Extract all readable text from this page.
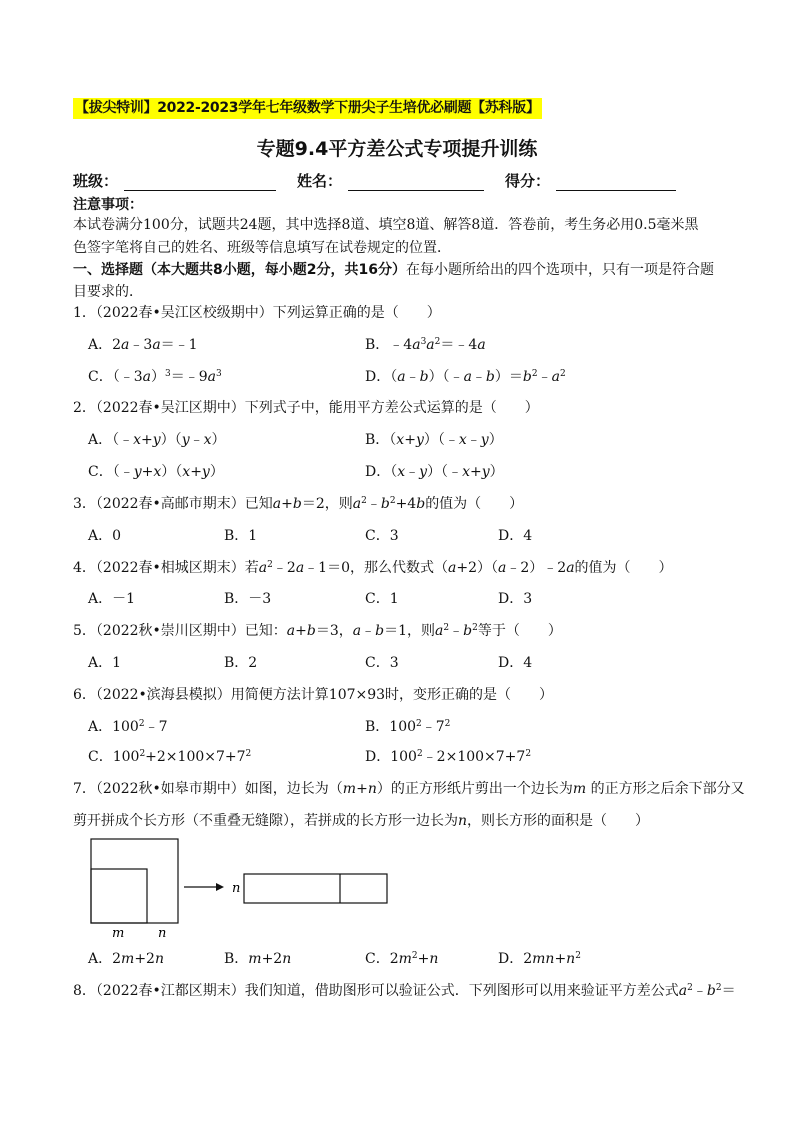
【拔尖特训】2022-2023学年七年级数学下册尖子生培优必刷题【苏科版】
专题9.4平方差公式专项提升训练
班级：	姓名：	得分：
注意事项：
本试卷满分100分，试题共24题，其中选择8道、填空8道、解答8道．答卷前，考生务必用0.5毫米黑
色签字笔将自己的姓名、班级等信息填写在试卷规定的位置．
一、选择题（本大题共8小题，每小题2分，共16分）在每小题所给出的四个选项中，只有一项是符合题
目要求的．
1．（2022春•吴江区校级期中）下列运算正确的是（　　）
A．2a﹣3a＝﹣1	B．$﹣4a^3a^2=﹣4a$
C．$(﹣3a)^3=﹣9a^3$	D．$(a﹣b)(﹣a﹣b)=b^2﹣a^2$
2．（2022春•吴江区期中）下列式子中，能用平方差公式运算的是（　　）
A．（﹣x+y）（y﹣x）	B．（x+y）（﹣x﹣y）
C．（﹣y+x）（x+y）	D．（x﹣y）（﹣x+y）
3．（2022春•高邮市期末）已知a+b＝2，则$a^2﹣b^2+4b$的值为（　　）
A．0	B．1	C．3	D．4
4．（2022春•相城区期末）若$a^2﹣2a﹣1=0$，那么代数式（a+2）（a﹣2）﹣2a的值为（　　）
A．－1	B．－3	C．1	D．3
5．（2022秋•崇川区期中）已知：a+b＝3，a﹣b＝1，则$a^2﹣b^2$等于（　　）
A．1	B．2	C．3	D．4
6．（2022•滨海县模拟）用简便方法计算107×93时，变形正确的是（　　）
A．$100^2﹣7$	B．$100^2﹣7^2$
C．$100^2+2\times 100\times 7+7^2$	D．$100^2﹣2\times 100\times 7+7^2$
7．（2022秋•如皋市期中）如图，边长为（m+n）的正方形纸片剪出一个边长为m 的正方形之后余下部分又
剪开拼成个长方形（不重叠无缝隙），若拼成的长方形一边长为n，则长方形的面积是（　　）
n
m	n
A．2m+2n	B．m+2n	C．$2m^2+n$	D．$2mn+n^2$
8．（2022春•江都区期末）我们知道，借助图形可以验证公式．下列图形可以用来验证平方差公式$a^2﹣b^2=$
